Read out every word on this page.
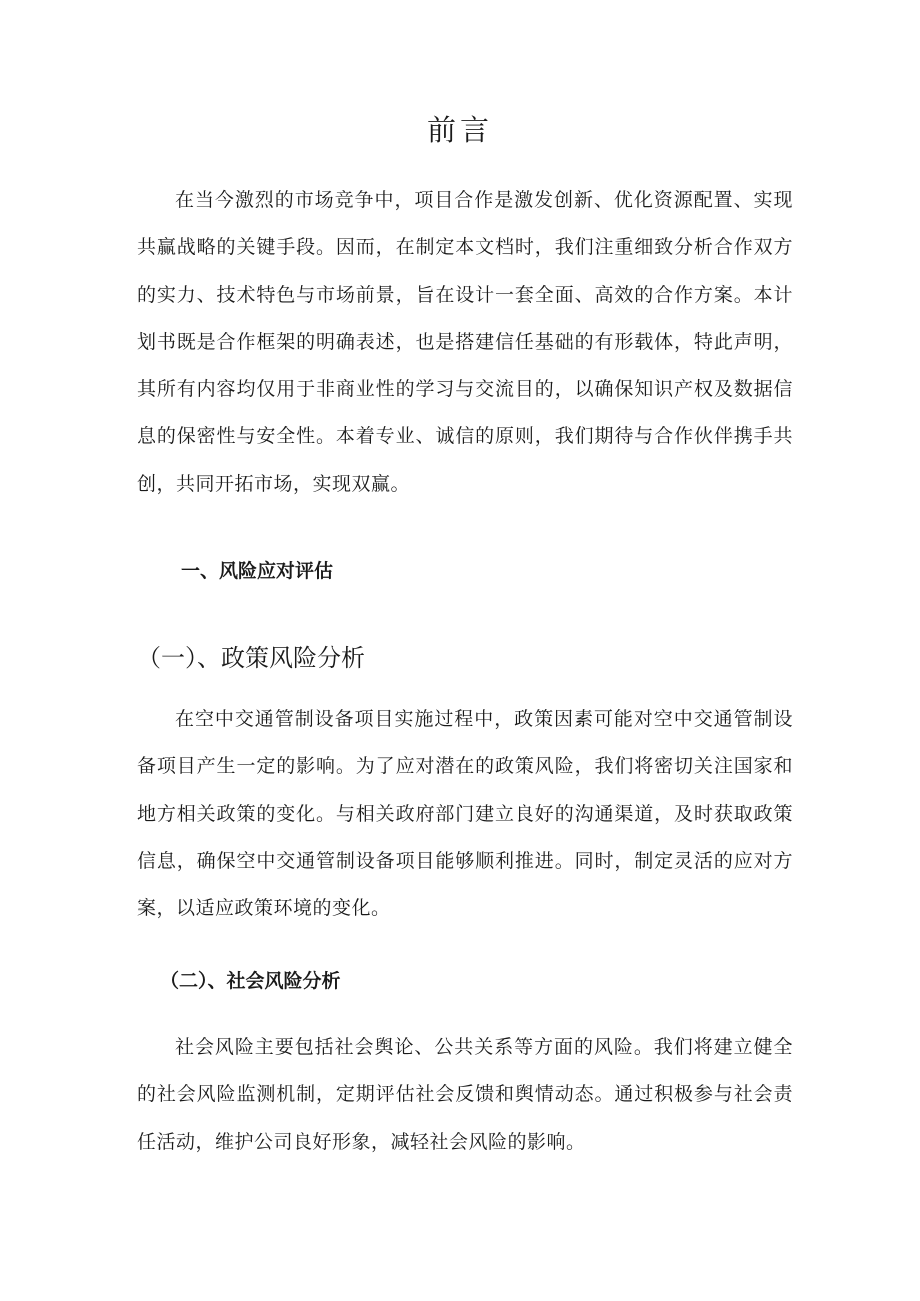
前言

在当今激烈的市场竞争中，项目合作是激发创新、优化资源配置、实现共赢战略的关键手段。因而，在制定本文档时，我们注重细致分析合作双方的实力、技术特色与市场前景，旨在设计一套全面、高效的合作方案。本计划书既是合作框架的明确表述，也是搭建信任基础的有形载体，特此声明，其所有内容均仅用于非商业性的学习与交流目的，以确保知识产权及数据信息的保密性与安全性。本着专业、诚信的原则，我们期待与合作伙伴携手共创，共同开拓市场，实现双赢。

一、风险应对评估
（一）、政策风险分析

在空中交通管制设备项目实施过程中，政策因素可能对空中交通管制设备项目产生一定的影响。为了应对潜在的政策风险，我们将密切关注国家和地方相关政策的变化。与相关政府部门建立良好的沟通渠道，及时获取政策信息，确保空中交通管制设备项目能够顺利推进。同时，制定灵活的应对方案，以适应政策环境的变化。

（二）、社会风险分析

社会风险主要包括社会舆论、公共关系等方面的风险。我们将建立健全的社会风险监测机制，定期评估社会反馈和舆情动态。通过积极参与社会责任活动，维护公司良好形象，减轻社会风险的影响。
